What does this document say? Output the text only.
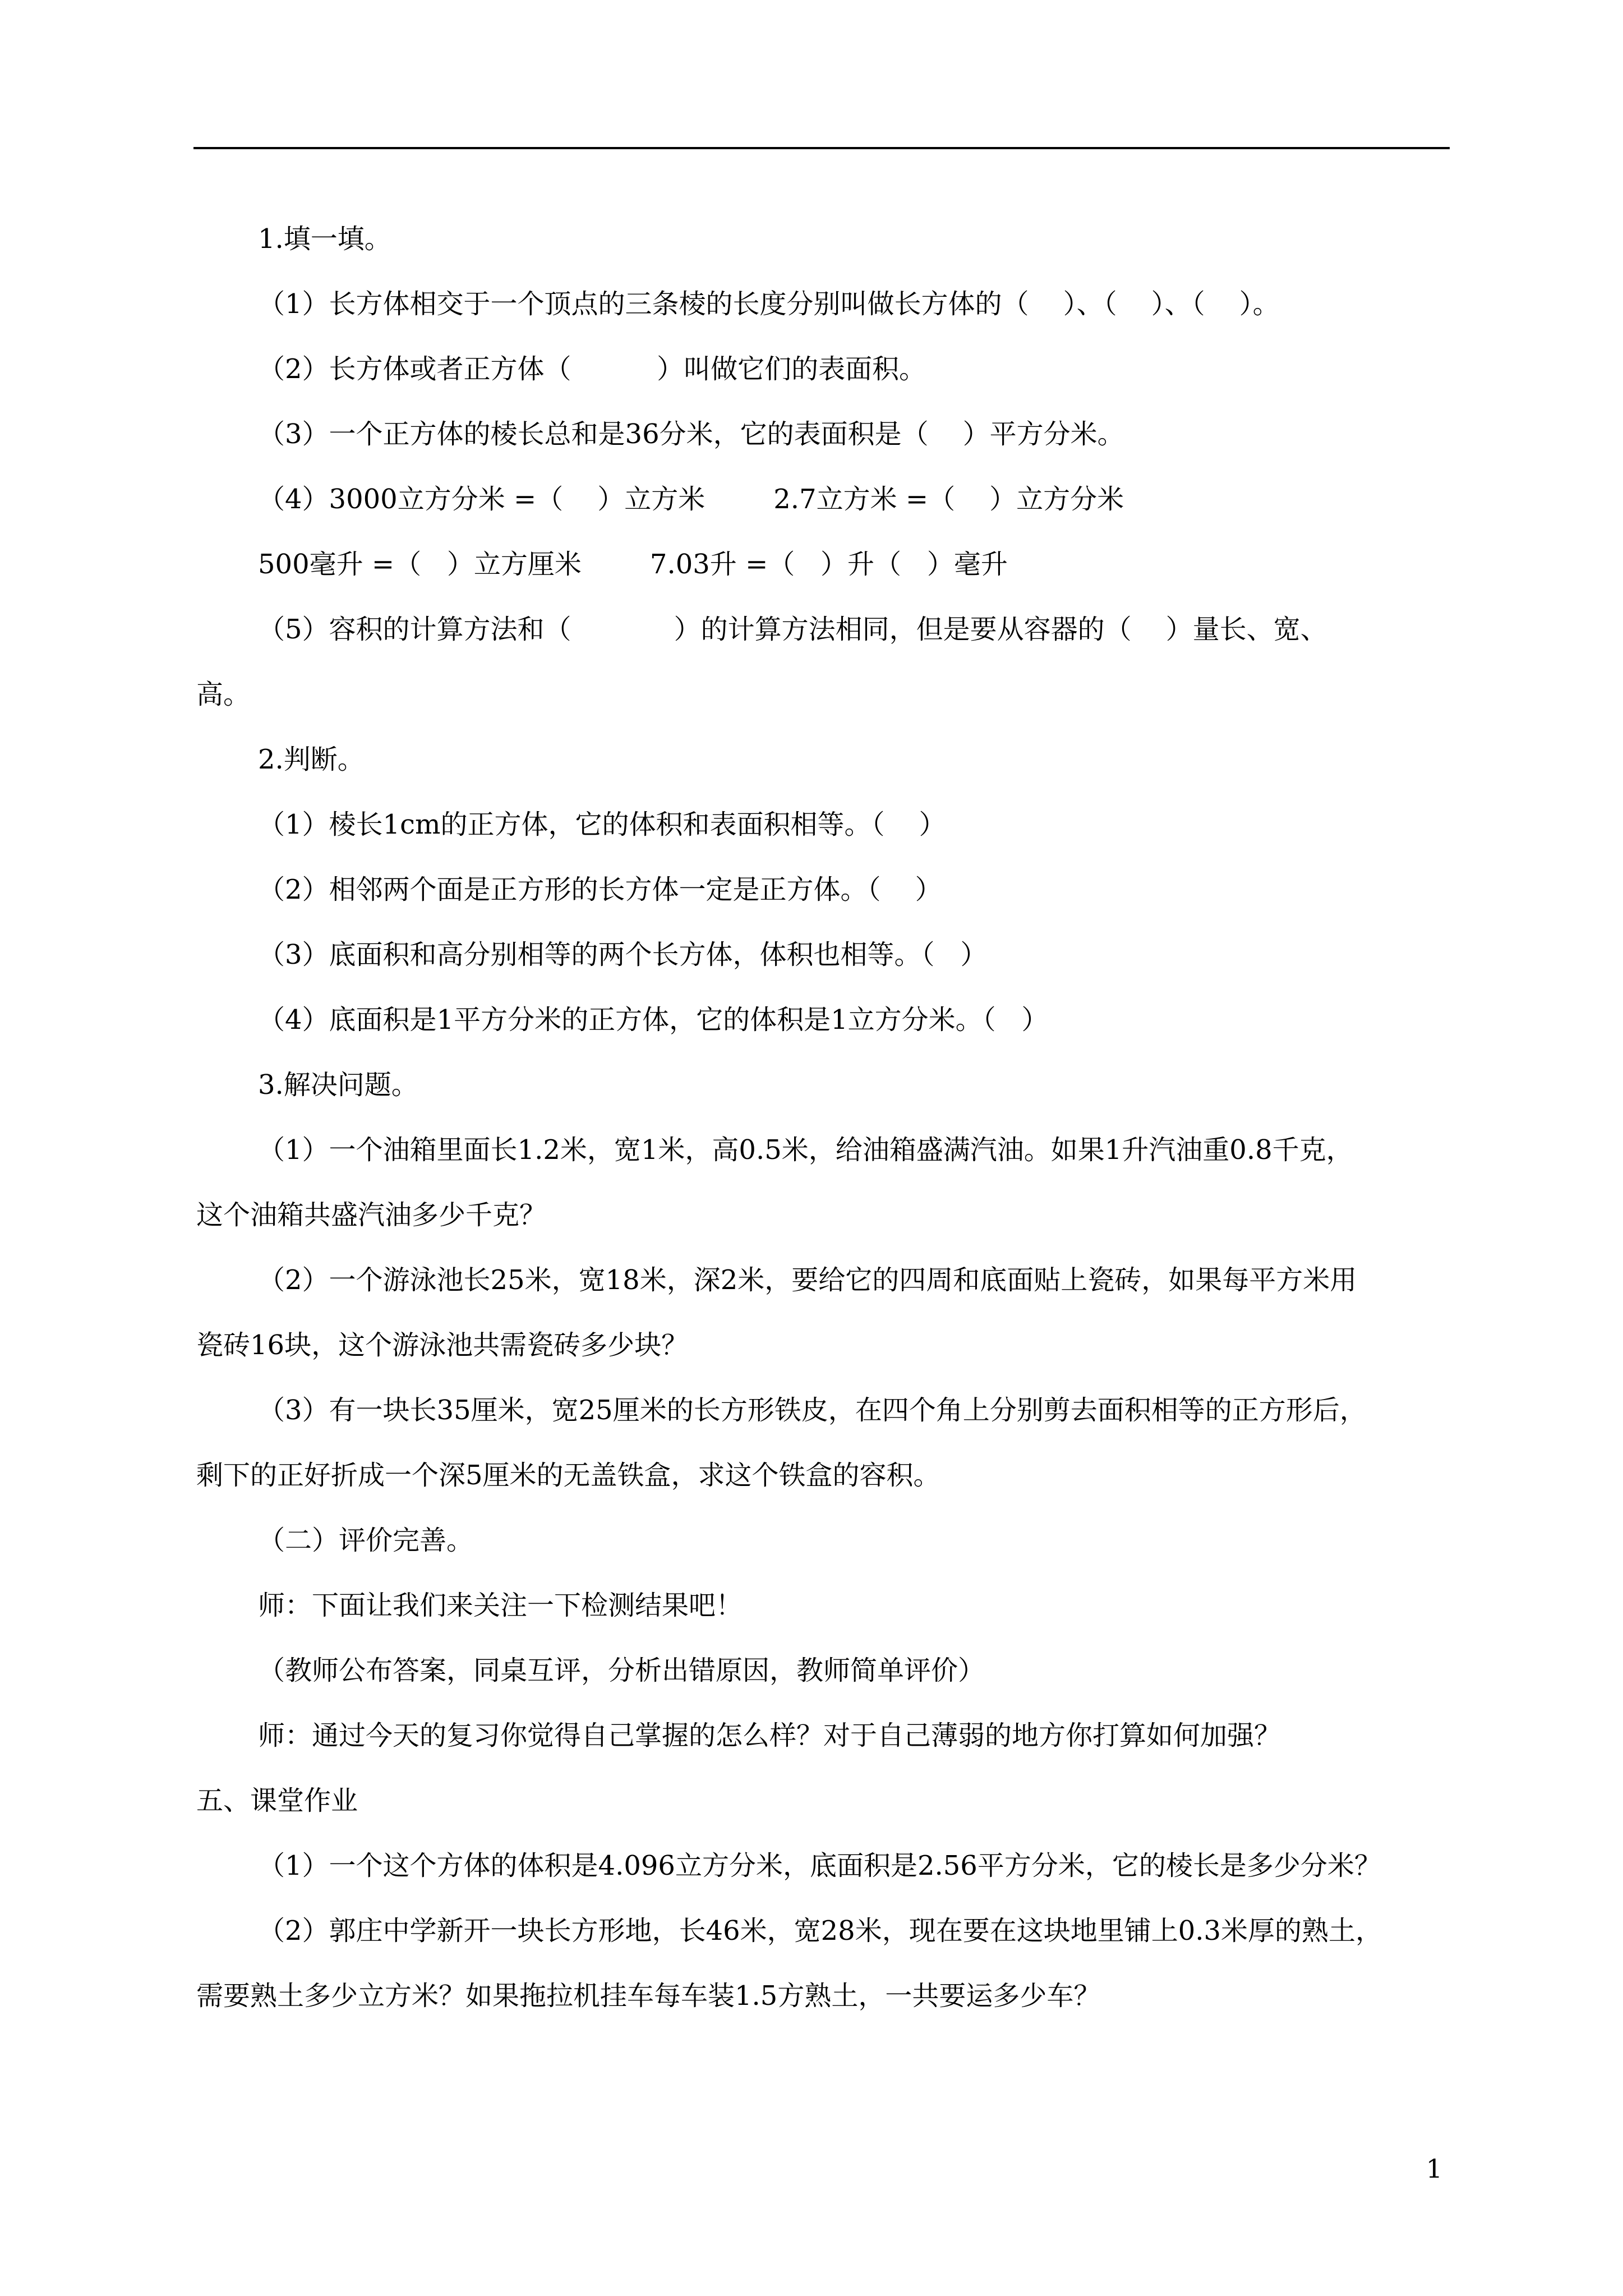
1.填一填。

（1）长方体相交于一个顶点的三条棱的长度分别叫做长方体的（    ）、（    ）、（    ）。

（2）长方体或者正方体（          ）叫做它们的表面积。

（3）一个正方体的棱长总和是36分米，它的表面积是（    ）平方分米。

（4）3000立方分米 =（    ）立方米        2.7立方米 =（    ）立方分米

500毫升 =（   ）立方厘米        7.03升 =（   ）升（   ）毫升

（5）容积的计算方法和（            ）的计算方法相同，但是要从容器的（    ）量长、宽、

高。

2.判断。

（1）棱长1cm的正方体，它的体积和表面积相等。（    ）

（2）相邻两个面是正方形的长方体一定是正方体。（    ）

（3）底面积和高分别相等的两个长方体，体积也相等。（   ）

（4）底面积是1平方分米的正方体，它的体积是1立方分米。（   ）

3.解决问题。

（1）一个油箱里面长1.2米，宽1米，高0.5米，给油箱盛满汽油。如果1升汽油重0.8千克，

这个油箱共盛汽油多少千克？

（2）一个游泳池长25米，宽18米，深2米，要给它的四周和底面贴上瓷砖，如果每平方米用

瓷砖16块，这个游泳池共需瓷砖多少块？

（3）有一块长35厘米，宽25厘米的长方形铁皮，在四个角上分别剪去面积相等的正方形后，

剩下的正好折成一个深5厘米的无盖铁盒，求这个铁盒的容积。

（二）评价完善。

师：下面让我们来关注一下检测结果吧！

（教师公布答案，同桌互评，分析出错原因，教师简单评价）

师：通过今天的复习你觉得自己掌握的怎么样？对于自己薄弱的地方你打算如何加强？

五、课堂作业

（1）一个这个方体的体积是4.096立方分米，底面积是2.56平方分米，它的棱长是多少分米？

（2）郭庄中学新开一块长方形地，长46米，宽28米，现在要在这块地里铺上0.3米厚的熟土，

需要熟土多少立方米？如果拖拉机挂车每车装1.5方熟土，一共要运多少车？

1
